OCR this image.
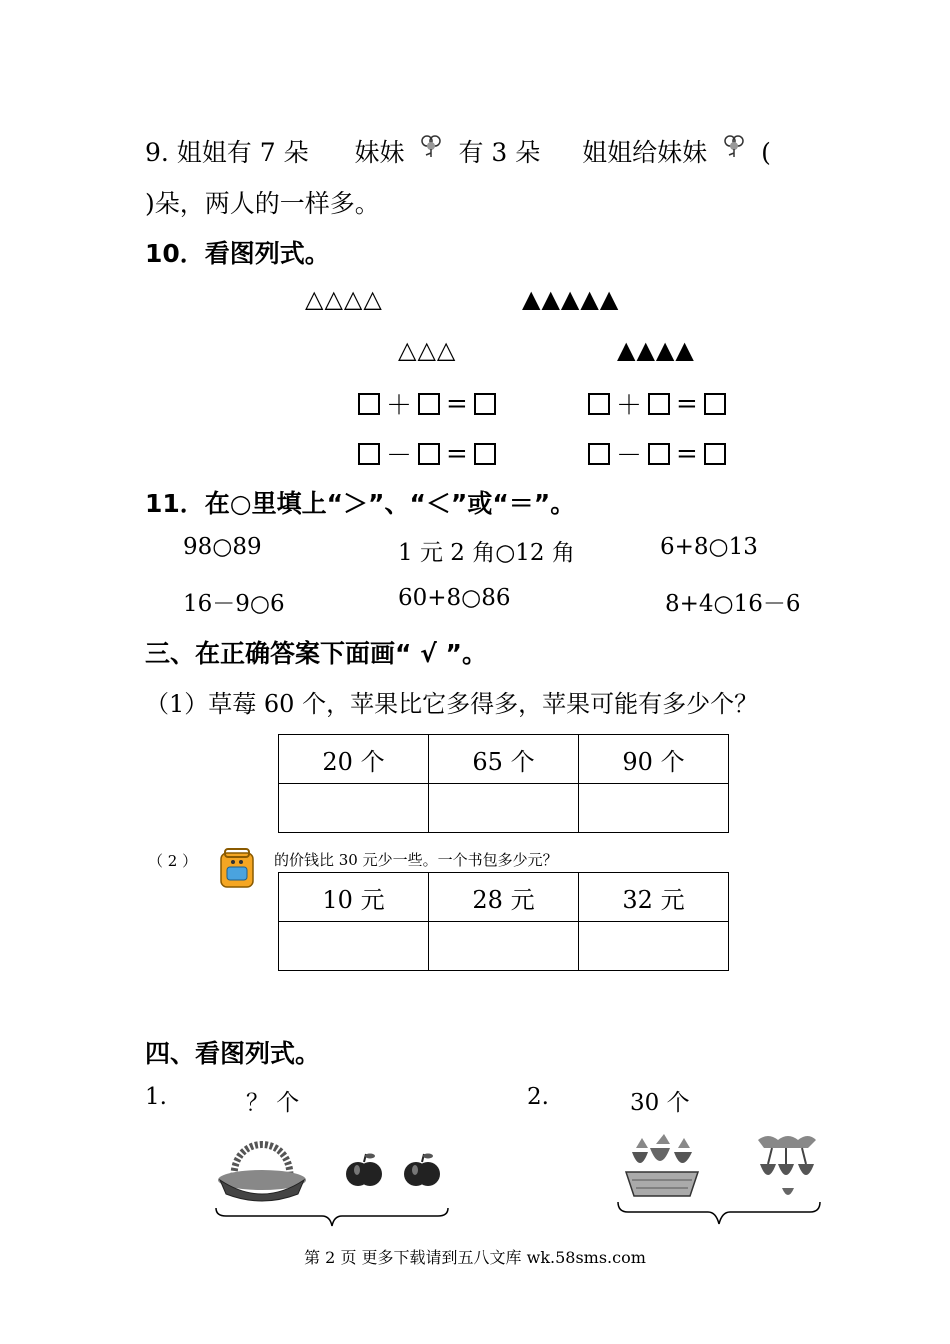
9. 姐姐有 7 朵 妹妹 有 3 朵 姐姐给妹妹 (
)朵，两人的一样多。
10．看图列式。
△△△△	▲▲▲▲▲
△△△	▲▲▲▲
＋ =	＋ =
－ =	－ =
11．在○里填上“＞”、“＜”或“＝”。
98○89	1 元 2 角○12 角	6+8○13
16－9○6	60+8○86	8+4○16－6
三、在正确答案下面画“ √ ”。
（1）草莓 60 个，苹果比它多得多，苹果可能有多少个？
20 个	65 个	90 个

（ 2 ）	的价钱比 30 元少一些。一个书包多少元？
10 元	28 元	32 元

四、看图列式。
1.	？ 个	2.	30 个
第 2 页 更多下载请到五八文库 wk.58sms.com
